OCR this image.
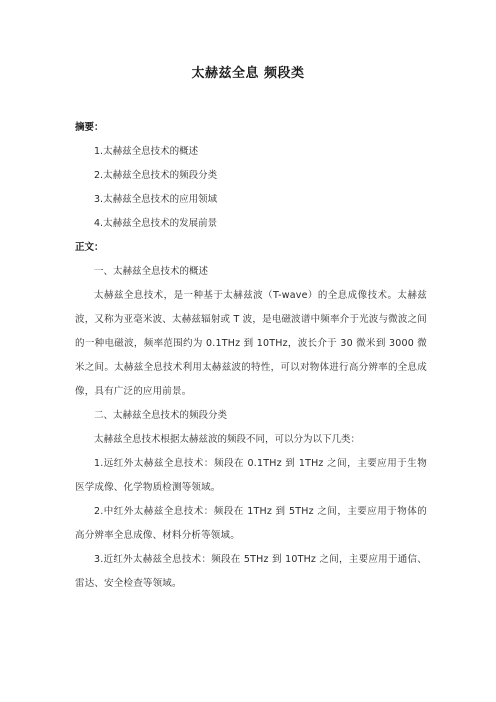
太赫兹全息 频段类

摘要：

1.太赫兹全息技术的概述

2.太赫兹全息技术的频段分类

3.太赫兹全息技术的应用领域

4.太赫兹全息技术的发展前景

正文：

一、太赫兹全息技术的概述

太赫兹全息技术，是一种基于太赫兹波（T-wave）的全息成像技术。太赫兹波，又称为亚毫米波、太赫兹辐射或 T 波，是电磁波谱中频率介于光波与微波之间的一种电磁波，频率范围约为 0.1THz 到 10THz，波长介于 30 微米到 3000 微米之间。太赫兹全息技术利用太赫兹波的特性，可以对物体进行高分辨率的全息成像，具有广泛的应用前景。

二、太赫兹全息技术的频段分类

太赫兹全息技术根据太赫兹波的频段不同，可以分为以下几类：

1.远红外太赫兹全息技术：频段在 0.1THz 到 1THz 之间，主要应用于生物医学成像、化学物质检测等领域。

2.中红外太赫兹全息技术：频段在 1THz 到 5THz 之间，主要应用于物体的高分辨率全息成像、材料分析等领域。

3.近红外太赫兹全息技术：频段在 5THz 到 10THz 之间，主要应用于通信、雷达、安全检查等领域。
